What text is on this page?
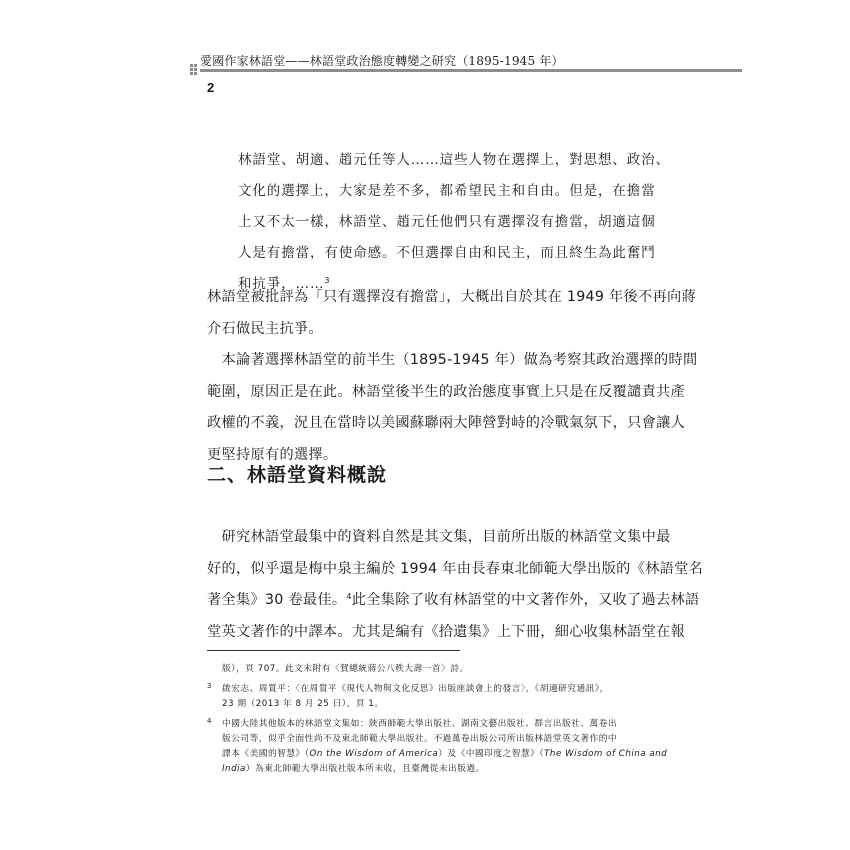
愛國作家林語堂——林語堂政治態度轉變之研究（1895-1945 年）
2
林語堂、胡適、趙元任等人……這些人物在選擇上，對思想、政治、
文化的選擇上，大家是差不多，都希望民主和自由。但是，在擔當
上又不太一樣，林語堂、趙元任他們只有選擇沒有擔當，胡適這個
人是有擔當，有使命感。不但選擇自由和民主，而且終生為此奮鬥
和抗爭，……$^3$
林語堂被批評為「只有選擇沒有擔當」，大概出自於其在 1949 年後不再向蔣
介石做民主抗爭。
　本論著選擇林語堂的前半生（1895-1945 年）做為考察其政治選擇的時間
範圍，原因正是在此。林語堂後半生的政治態度事實上只是在反覆譴責共產
政權的不義，況且在當時以美國蘇聯兩大陣營對峙的冷戰氣氛下，只會讓人
更堅持原有的選擇。
二、林語堂資料概說
　研究林語堂最集中的資料自然是其文集，目前所出版的林語堂文集中最
好的，似乎還是梅中泉主編於 1994 年由長春東北師範大學出版的《林語堂名
著全集》30 卷最佳。$^4$此全集除了收有林語堂的中文著作外，又收了過去林語
堂英文著作的中譯本。尤其是編有《拾遺集》上下冊，細心收集林語堂在報
版），頁 707。此文末附有〈賀總統蔣公八秩大壽一首〉詩。
3 啟宏志、周質平：〈在周質平《現代人物與文化反思》出版座談會上的發言〉，《胡適研究通訊》，
23 期（2013 年 8 月 25 日），頁 1。
4 中國大陸其他版本的林語堂文集如：陝西師範大學出版社、湖南文藝出版社、群言出版社、萬卷出
版公司等，似乎全面性尚不及東北師範大學出版社。不過萬卷出版公司所出版林語堂英文著作的中
譯本《美國的智慧》（On the Wisdom of America）及《中國印度之智慧》（The Wisdom of China and
India）為東北師範大學出版社版本所未收，且臺灣從未出版過。
